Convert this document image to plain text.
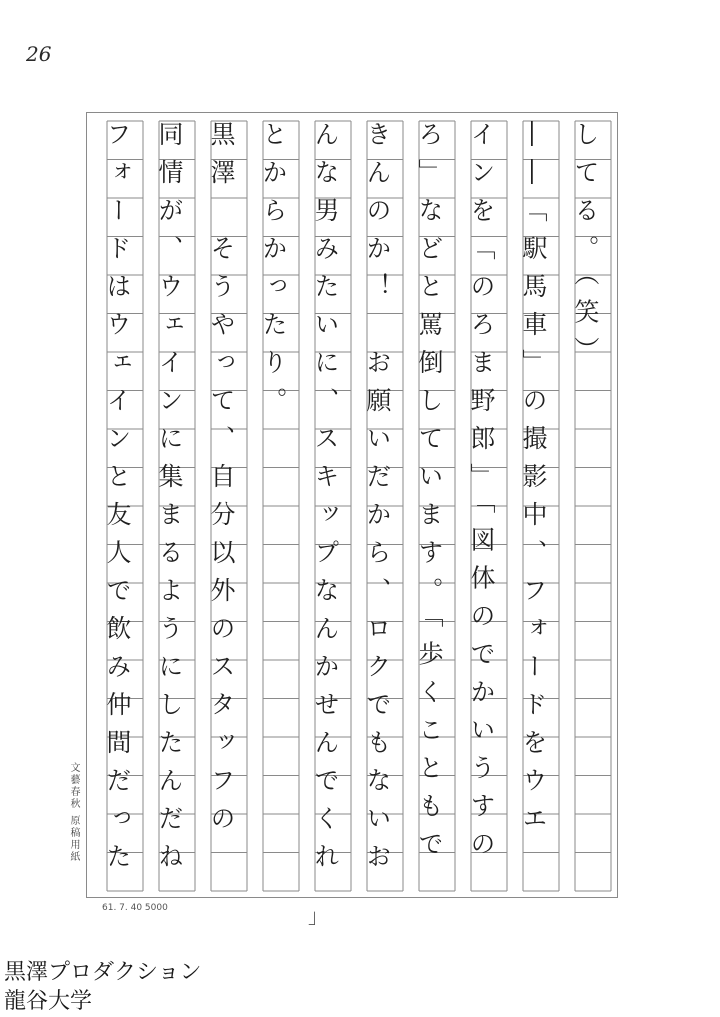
26
してる。（笑）
――「駅馬車」の撮影中、フォードをウエ
インを「のろま野郎」「図体のでかいうすの
ろ」などと罵倒しています。「歩くこともで
きんのか！　お願いだから、ロクでもないお
んな男みたいに、スキップなんかせんでくれ
とからかったり。
黒澤　そうやって、自分以外のスタッフの
同情が、ウェインに集まるようにしたんだね
フォードはウェインと友人で飲み仲間だった
」
文藝春秋 原稿用紙
61. 7. 40 5000
黒澤プロダクション
龍谷大学
